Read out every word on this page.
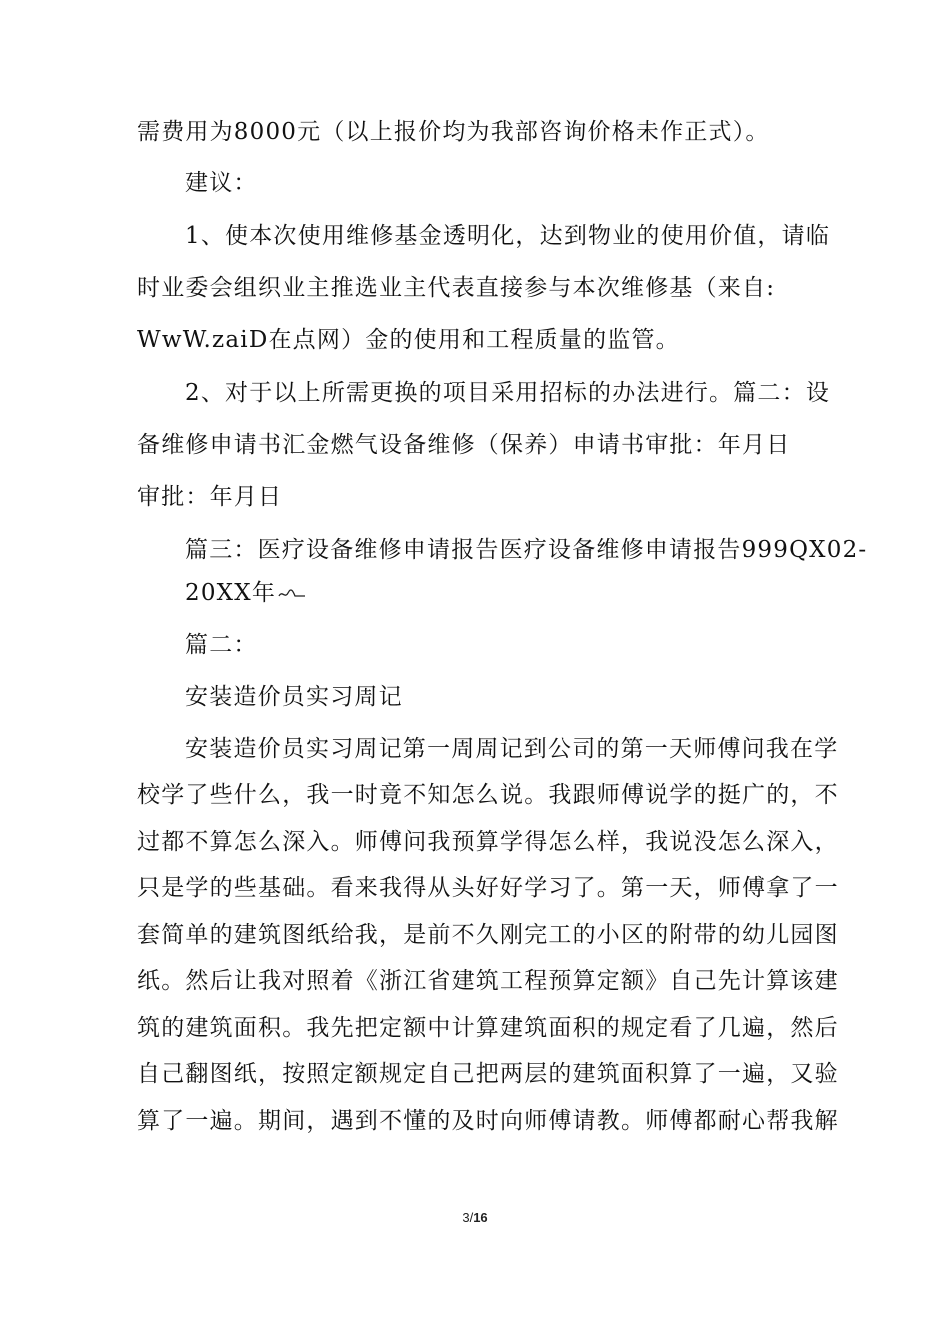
需费用为8000元（以上报价均为我部咨询价格未作正式）。
建议：
1、使本次使用维修基金透明化，达到物业的使用价值，请临
时业委会组织业主推选业主代表直接参与本次维修基（来自:
WwW.zaiD在点网）金的使用和工程质量的监管。
2、对于以上所需更换的项目采用招标的办法进行。篇二：设
备维修申请书汇金燃气设备维修（保养）申请书审批：年月日
审批：年月日
篇三：医疗设备维修申请报告医疗设备维修申请报告999QX02-
20XX年
篇二：
安装造价员实习周记
安装造价员实习周记第一周周记到公司的第一天师傅问我在学
校学了些什么，我一时竟不知怎么说。我跟师傅说学的挺广的，不
过都不算怎么深入。师傅问我预算学得怎么样，我说没怎么深入，
只是学的些基础。看来我得从头好好学习了。第一天，师傅拿了一
套简单的建筑图纸给我，是前不久刚完工的小区的附带的幼儿园图
纸。然后让我对照着《浙江省建筑工程预算定额》自己先计算该建
筑的建筑面积。我先把定额中计算建筑面积的规定看了几遍，然后
自己翻图纸，按照定额规定自己把两层的建筑面积算了一遍，又验
算了一遍。期间，遇到不懂的及时向师傅请教。师傅都耐心帮我解
3/16
